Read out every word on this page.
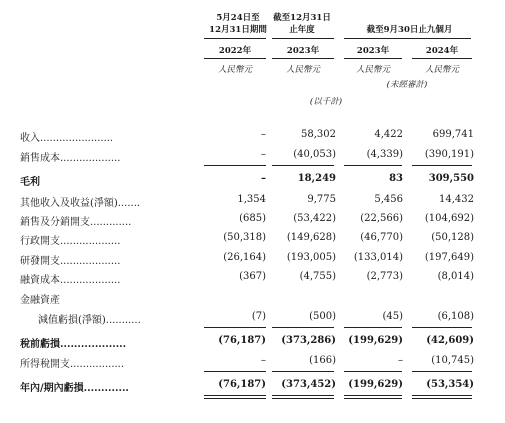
5月24日至
12月31日期間
截至12月31日
止年度	截至9月30日止九個月
2022年	2023年	2023年	2024年
人民幣元	人民幣元	人民幣元	人民幣元
(未經審計)
(以千計)
收入.......................	–	58,302	4,422	699,741
銷售成本...................	–	(40,053)	(4,339)	(390,191)
毛利	–	18,249	83	309,550
其他收入及收益(淨額).......	1,354	9,775	5,456	14,432
銷售及分銷開支.............	(685)	(53,422)	(22,566)	(104,692)
行政開支...................	(50,318)	(149,628)	(46,770)	(50,128)
研發開支...................	(26,164)	(193,005)	(133,014)	(197,649)
融資成本...................	(367)	(4,755)	(2,773)	(8,014)
金融資產
減值虧損(淨額)...........	(7)	(500)	(45)	(6,108)
稅前虧損...................	(76,187)	(373,286)	(199,629)	(42,609)
所得稅開支.................	–	(166)	–	(10,745)
年內/期內虧損.............	(76,187)	(373,452)	(199,629)	(53,354)
